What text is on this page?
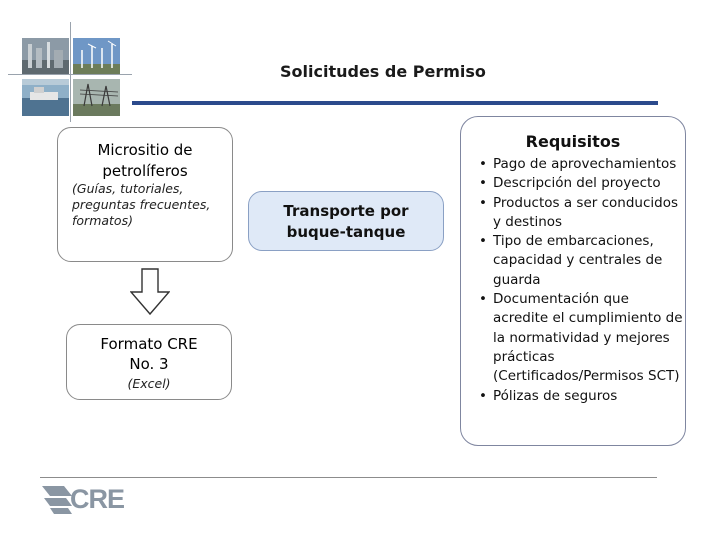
Solicitudes de Permiso
Micrositio de
petrolíferos
(Guías, tutoriales, preguntas frecuentes, formatos)
Formato CRE
No. 3
(Excel)
Transporte por
buque-tanque
Requisitos
• Pago de aprovechamientos
• Descripción del proyecto
• Productos a ser conducidos y destinos
• Tipo de embarcaciones, capacidad y centrales de guarda
• Documentación que acredite el cumplimiento de la normatividad y mejores prácticas (Certificados/Permisos SCT)
• Pólizas de seguros
CRE
